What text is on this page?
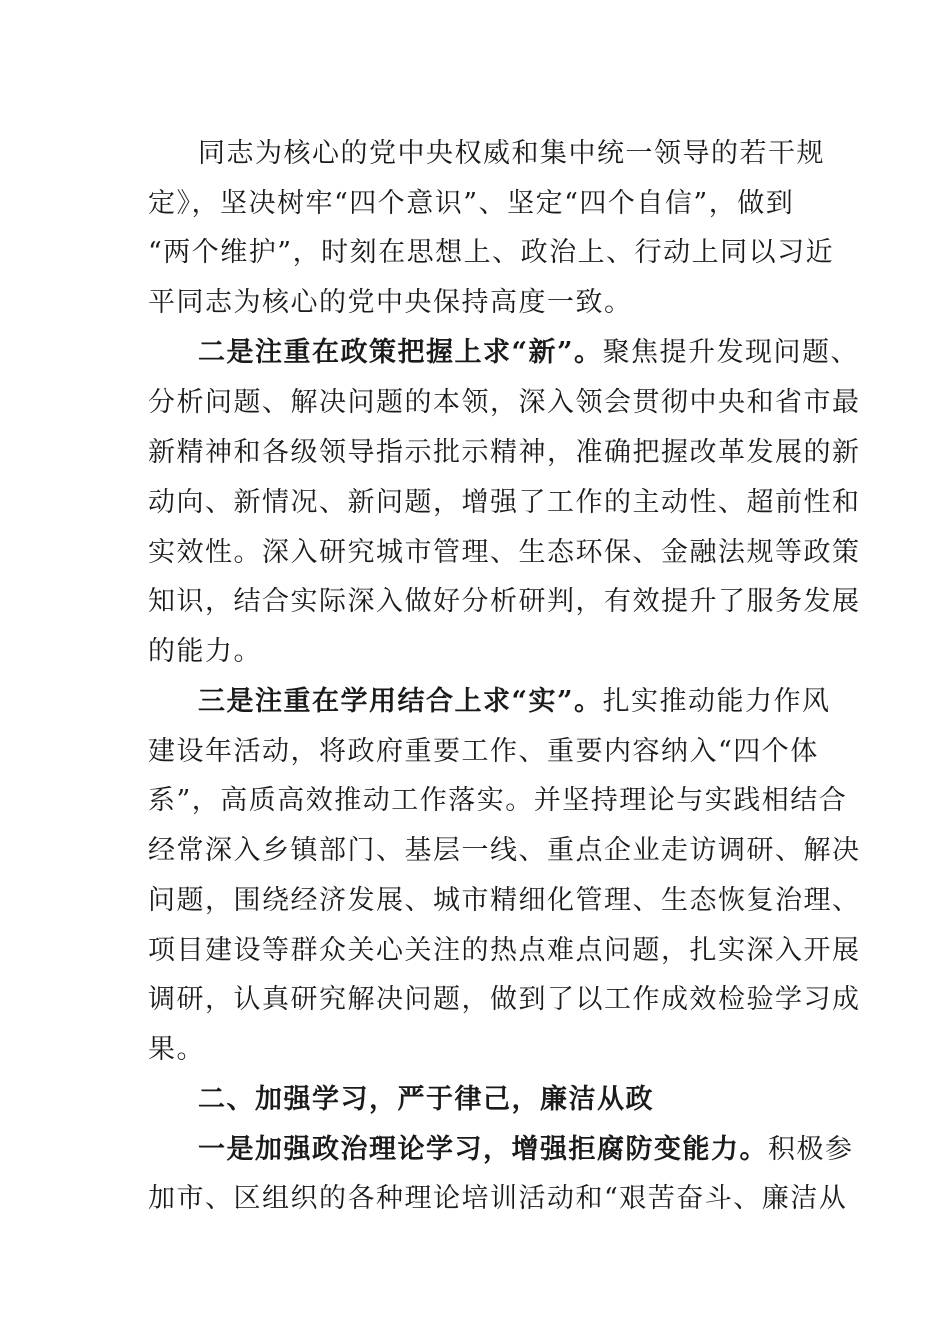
同志为核心的党中央权威和集中统一领导的若干规
定》，坚决树牢“四个意识”、坚定“四个自信”，做到
“两个维护”，时刻在思想上、政治上、行动上同以习近
平同志为核心的党中央保持高度一致。
二是注重在政策把握上求“新”。聚焦提升发现问题、
分析问题、解决问题的本领，深入领会贯彻中央和省市最
新精神和各级领导指示批示精神，准确把握改革发展的新
动向、新情况、新问题，增强了工作的主动性、超前性和
实效性。深入研究城市管理、生态环保、金融法规等政策
知识，结合实际深入做好分析研判，有效提升了服务发展
的能力。
三是注重在学用结合上求“实”。扎实推动能力作风
建设年活动，将政府重要工作、重要内容纳入“四个体
系”，高质高效推动工作落实。并坚持理论与实践相结合
经常深入乡镇部门、基层一线、重点企业走访调研、解决
问题，围绕经济发展、城市精细化管理、生态恢复治理、
项目建设等群众关心关注的热点难点问题，扎实深入开展
调研，认真研究解决问题，做到了以工作成效检验学习成
果。
二、加强学习，严于律己，廉洁从政
一是加强政治理论学习，增强拒腐防变能力。积极参
加市、区组织的各种理论培训活动和“艰苦奋斗、廉洁从
